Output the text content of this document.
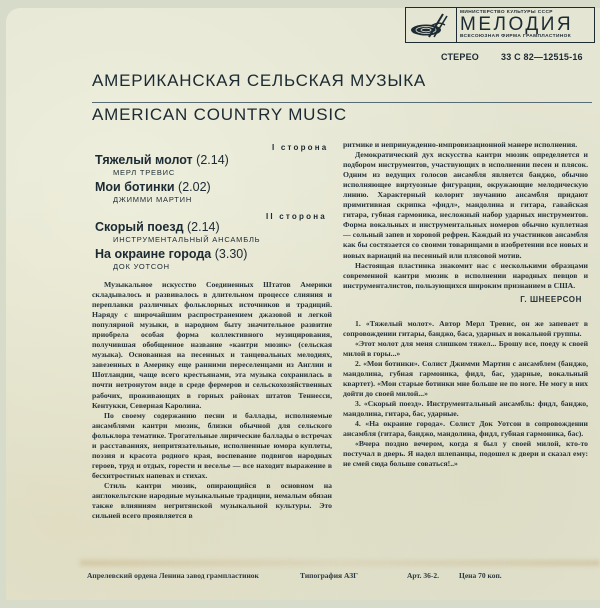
МИНИСТЕРСТВО КУЛЬТУРЫ СССР
МЕЛОДИЯ
ВСЕСОЮЗНАЯ ФИРМА ГРАМПЛАСТИНОК
СТЕРЕО 33 С 82—12515-16
АМЕРИКАНСКАЯ СЕЛЬСКАЯ МУЗЫКА
AMERICAN COUNTRY MUSIC
I сторона
II сторона
Тяжелый молот (2.14)
МЕРЛ ТРЕВИС
Мои ботинки (2.02)
ДЖИММИ МАРТИН
Скорый поезд (2.14)
ИНСТРУМЕНТАЛЬНЫЙ АНСАМБЛЬ
На окраине города (3.30)
ДОК УОТСОН

Музыкальное искусство Соединенных Штатов Америки складывалось и развивалось в длительном процессе слияния и переплавки различных фольклорных источников и традиций. Наряду с широчайшим распространением джазовой и легкой популярной музыки, в народном быту значительное развитие приобрела особая форма коллективного музицирования, получившая обобщенное название «кантри мюзик» (сельская музыка). Основанная на песенных и танцевальных мелодиях, завезенных в Америку еще ранними переселенцами из Англии и Шотландии, чаще всего крестьянами, эта музыка сохранилась в почти нетронутом виде в среде фермеров и сельскохозяйственных рабочих, проживающих в горных районах штатов Теннесси, Кентукки, Северная Каролина.

По своему содержанию песни и баллады, исполняемые ансамблями кантри мюзик, близки обычной для сельского фольклора тематике. Трогательные лирические баллады о встречах и расставаниях, непритязательные, исполненные юмора куплеты, поэзия и красота родного края, воспевание подвигов народных героев, труд и отдых, горести и веселье — все находит выражение в бесхитростных напевах и стихах.

Стиль кантри мюзик, опирающийся в основном на англокельтские народные музыкальные традиции, немалым обязан также влияниям негритянской музыкальной культуры. Это сильней всего проявляется в

ритмике и непринужденно-импровизационной манере исполнения.

Демократический дух искусства кантри мюзик определяется и подбором инструментов, участвующих в исполнении песен и плясок. Одним из ведущих голосов ансамбля является банджо, обычно исполняющее виртуозные фигурации, окружающие мелодическую линию. Характерный колорит звучанию ансамбля придают примитивная скрипка «фидл», мандолина и гитара, гавайская гитара, губная гармоника, несложный набор ударных инструментов. Форма вокальных и инструментальных номеров обычно куплетная — сольный запев и хоровой рефрен. Каждый из участников ансамбля как бы состязается со своими товарищами в изобретении все новых и новых вариаций на песенный или плясовой мотив.

Настоящая пластинка знакомит нас с несколькими образцами современной кантри мюзик в исполнении народных певцов и инструменталистов, пользующихся широким признанием в США.

Г. ШНЕЕРСОН

1. «Тяжелый молот». Автор Мерл Тревис, он же запевает в сопровождении гитары, банджо, баса, ударных и вокальной группы.

«Этот молот для меня слишком тяжел... Брошу все, поеду к своей милой в горы...»

2. «Мои ботинки». Солист Джимми Мартин с ансамблем (банджо, мандолина, губная гармоника, фидл, бас, ударные, вокальный квартет). «Мои старые ботинки мне больше не по ноге. Не могу в них дойти до своей милой...»

3. «Скорый поезд». Инструментальный ансамбль: фидл, банджо, мандолина, гитара, бас, ударные.

4. «На окраине города». Солист Док Уотсон в сопровождении ансамбля (гитара, банджо, мандолина, фидл, губная гармоника, бас).

«Вчера поздно вечером, когда я был у своей милой, кто-то постучал в дверь. Я надел шлепанцы, подошел к двери и сказал ему: не смей сюда больше соваться!..»

Апрелевский ордена Ленина завод грампластинок	Типография АЗГ	Арт. 36-2.	Цена 70 коп.
